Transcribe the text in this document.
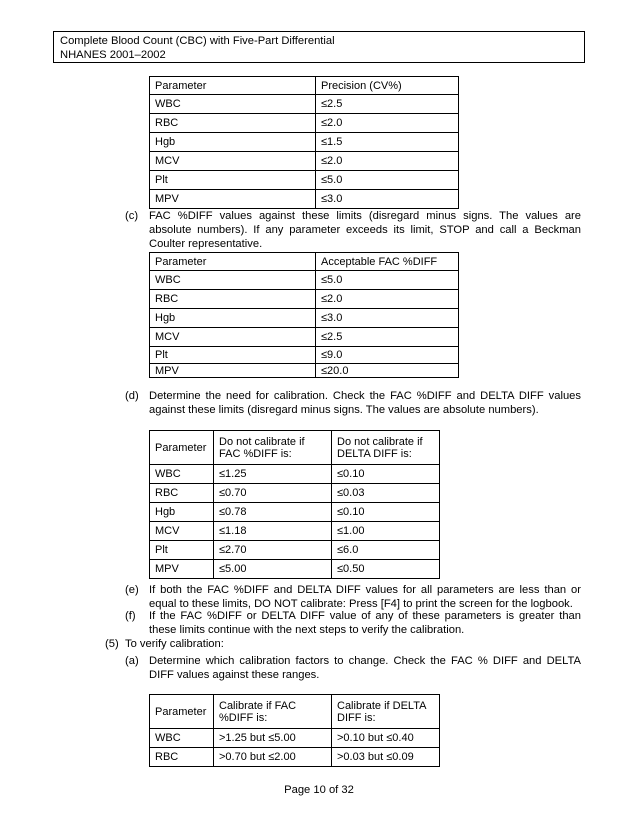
Complete Blood Count (CBC) with Five-Part Differential
NHANES 2001–2002
Parameter	Precision (CV%)
WBC	≤2.5
RBC	≤2.0
Hgb	≤1.5
MCV	≤2.0
Plt	≤5.0
MPV	≤3.0
(c) FAC %DIFF values against these limits (disregard minus signs. The values are absolute numbers). If any parameter exceeds its limit, STOP and call a Beckman Coulter representative.
Parameter	Acceptable FAC %DIFF
WBC	≤5.0
RBC	≤2.0
Hgb	≤3.0
MCV	≤2.5
Plt	≤9.0
MPV	≤20.0
(d) Determine the need for calibration. Check the FAC %DIFF and DELTA DIFF values against these limits (disregard minus signs. The values are absolute numbers).
Parameter	Do not calibrate if FAC %DIFF is:	Do not calibrate if DELTA DIFF is:
WBC	≤1.25	≤0.10
RBC	≤0.70	≤0.03
Hgb	≤0.78	≤0.10
MCV	≤1.18	≤1.00
Plt	≤2.70	≤6.0
MPV	≤5.00	≤0.50
(e) If both the FAC %DIFF and DELTA DIFF values for all parameters are less than or equal to these limits, DO NOT calibrate: Press [F4] to print the screen for the logbook.
(f) If the FAC %DIFF or DELTA DIFF value of any of these parameters is greater than these limits continue with the next steps to verify the calibration.
(5) To verify calibration:
(a) Determine which calibration factors to change. Check the FAC % DIFF and DELTA DIFF values against these ranges.
Parameter	Calibrate if FAC %DIFF is:	Calibrate if DELTA DIFF is:
WBC	>1.25 but ≤5.00	>0.10 but ≤0.40
RBC	>0.70 but ≤2.00	>0.03 but ≤0.09
Page 10 of 32
